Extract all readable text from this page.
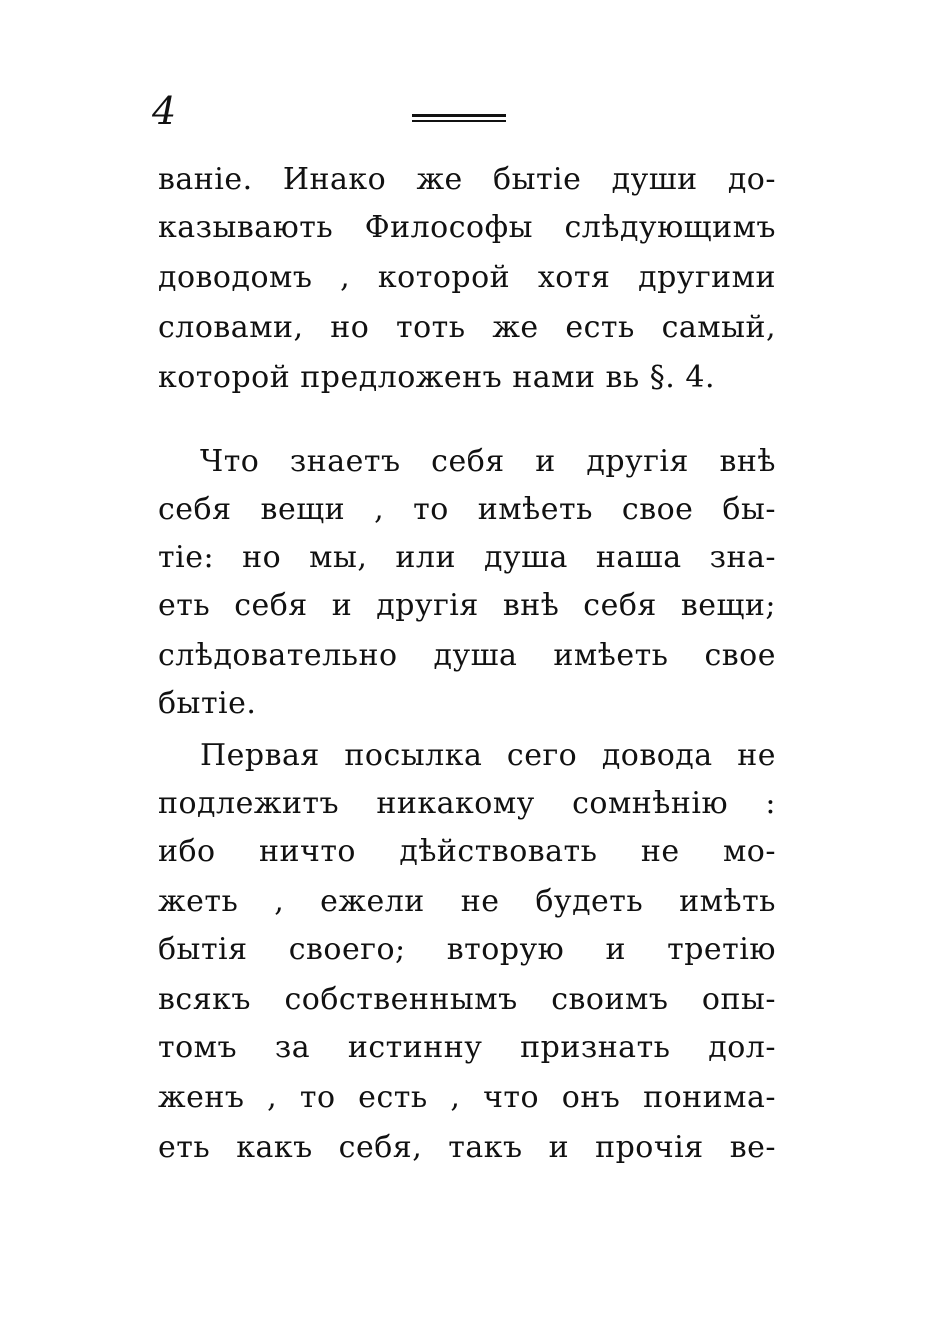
4
ванiе. Инако же бытiе души до-
казывають Философы слѣдующимъ
доводомъ , которой хотя другими
словами, но тоть же есть самый,
которой предложенъ нами вь §. 4.
Что знаетъ себя и другiя внѣ
себя вещи , то имѣеть свое бы-
тiе: но мы, или душа наша зна-
еть себя и другiя внѣ себя вещи;
слѣдовательно душа имѣеть свое
бытiе.
Первая посылка сего довода не
подлежитъ никакому сомнѣнiю :
ибо ничто дѣйствовать не мо-
жеть , ежели не будеть имѣть
бытiя своего; вторую и третiю
всякъ собственнымъ своимъ опы-
томъ за истинну признать дол-
женъ , то есть , что онъ понима-
еть какъ себя, такъ и прочiя ве-
